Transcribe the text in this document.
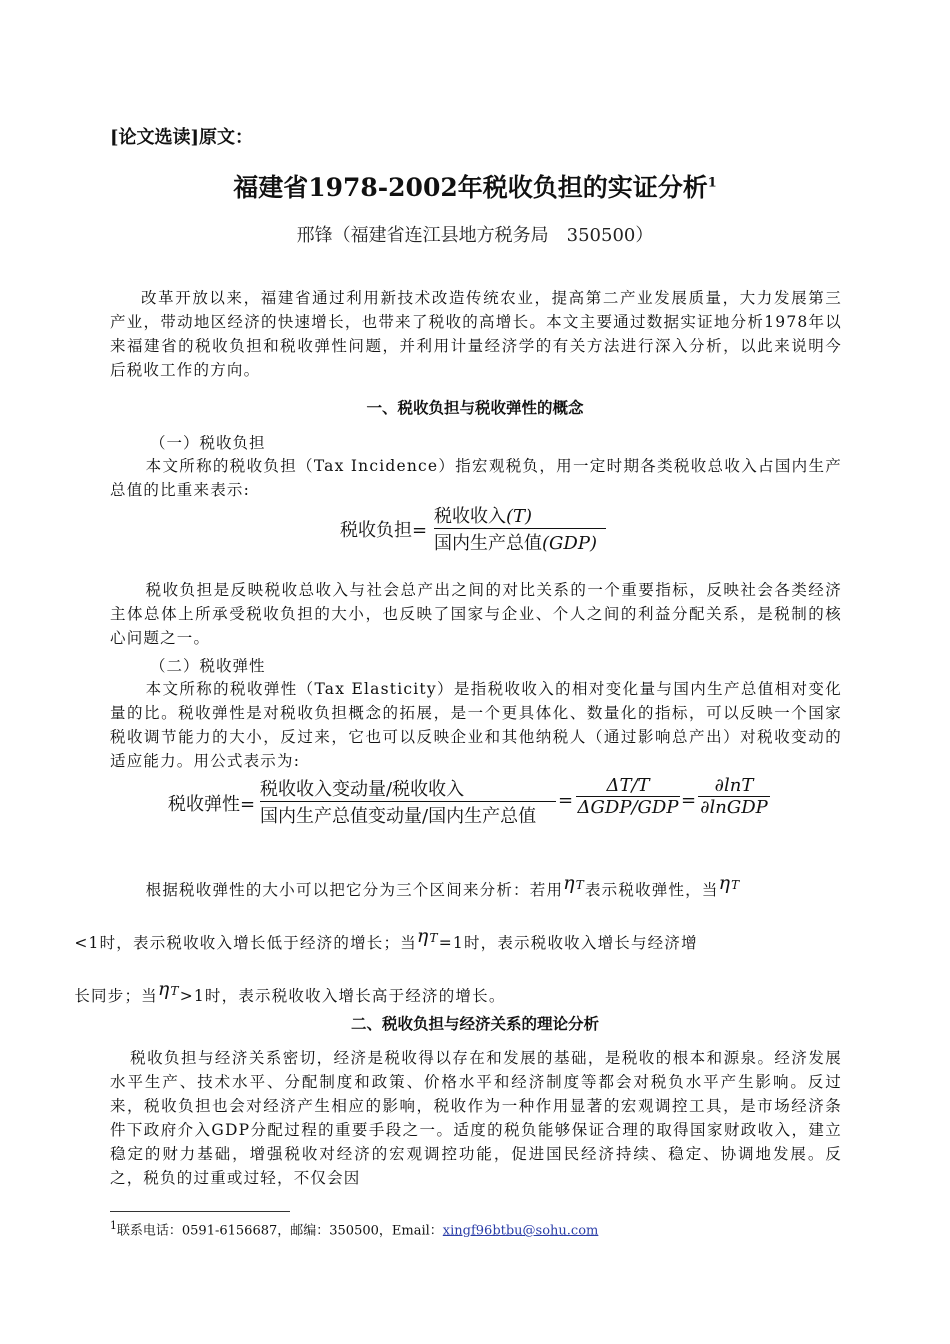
[论文选读]原文：
福建省1978-2002年税收负担的实证分析$^1$
邢锋（福建省连江县地方税务局　350500）
改革开放以来，福建省通过利用新技术改造传统农业，提高第二产业发展质量，大力发展第三产业，带动地区经济的快速增长，也带来了税收的高增长。本文主要通过数据实证地分析1978年以来福建省的税收负担和税收弹性问题，并利用计量经济学的有关方法进行深入分析，以此来说明今后税收工作的方向。
一、税收负担与税收弹性的概念
（一）税收负担
本文所称的税收负担（Tax Incidence）指宏观税负，用一定时期各类税收总收入占国内生产总值的比重来表示:
税收负担=
税收收入(T)
国内生产总值(GDP)
税收负担是反映税收总收入与社会总产出之间的对比关系的一个重要指标，反映社会各类经济主体总体上所承受税收负担的大小，也反映了国家与企业、个人之间的利益分配关系，是税制的核心问题之一。
（二）税收弹性
本文所称的税收弹性（Tax Elasticity）是指税收收入的相对变化量与国内生产总值相对变化量的比。税收弹性是对税收负担概念的拓展，是一个更具体化、数量化的指标，可以反映一个国家税收调节能力的大小，反过来，它也可以反映企业和其他纳税人（通过影响总产出）对税收变动的适应能力。用公式表示为:
税收弹性=
税收收入变动量/税收收入
国内生产总值变动量/国内生产总值
=
ΔT/T
ΔGDP/GDP =
∂lnT
∂lnGDP
根据税收弹性的大小可以把它分为三个区间来分析：若用ηT表示税收弹性，当ηT
<1时，表示税收收入增长低于经济的增长；当ηT=1时，表示税收收入增长与经济增
长同步；当ηT>1时，表示税收收入增长高于经济的增长。
二、税收负担与经济关系的理论分析
税收负担与经济关系密切，经济是税收得以存在和发展的基础，是税收的根本和源泉。经济发展水平生产、技术水平、分配制度和政策、价格水平和经济制度等都会对税负水平产生影响。反过来，税收负担也会对经济产生相应的影响，税收作为一种作用显著的宏观调控工具，是市场经济条件下政府介入GDP分配过程的重要手段之一。适度的税负能够保证合理的取得国家财政收入，建立稳定的财力基础，增强税收对经济的宏观调控功能，促进国民经济持续、稳定、协调地发展。反之，税负的过重或过轻，不仅会因
$^1$联系电话：0591-6156687，邮编：350500，Email：xingf96btbu@sohu.com
